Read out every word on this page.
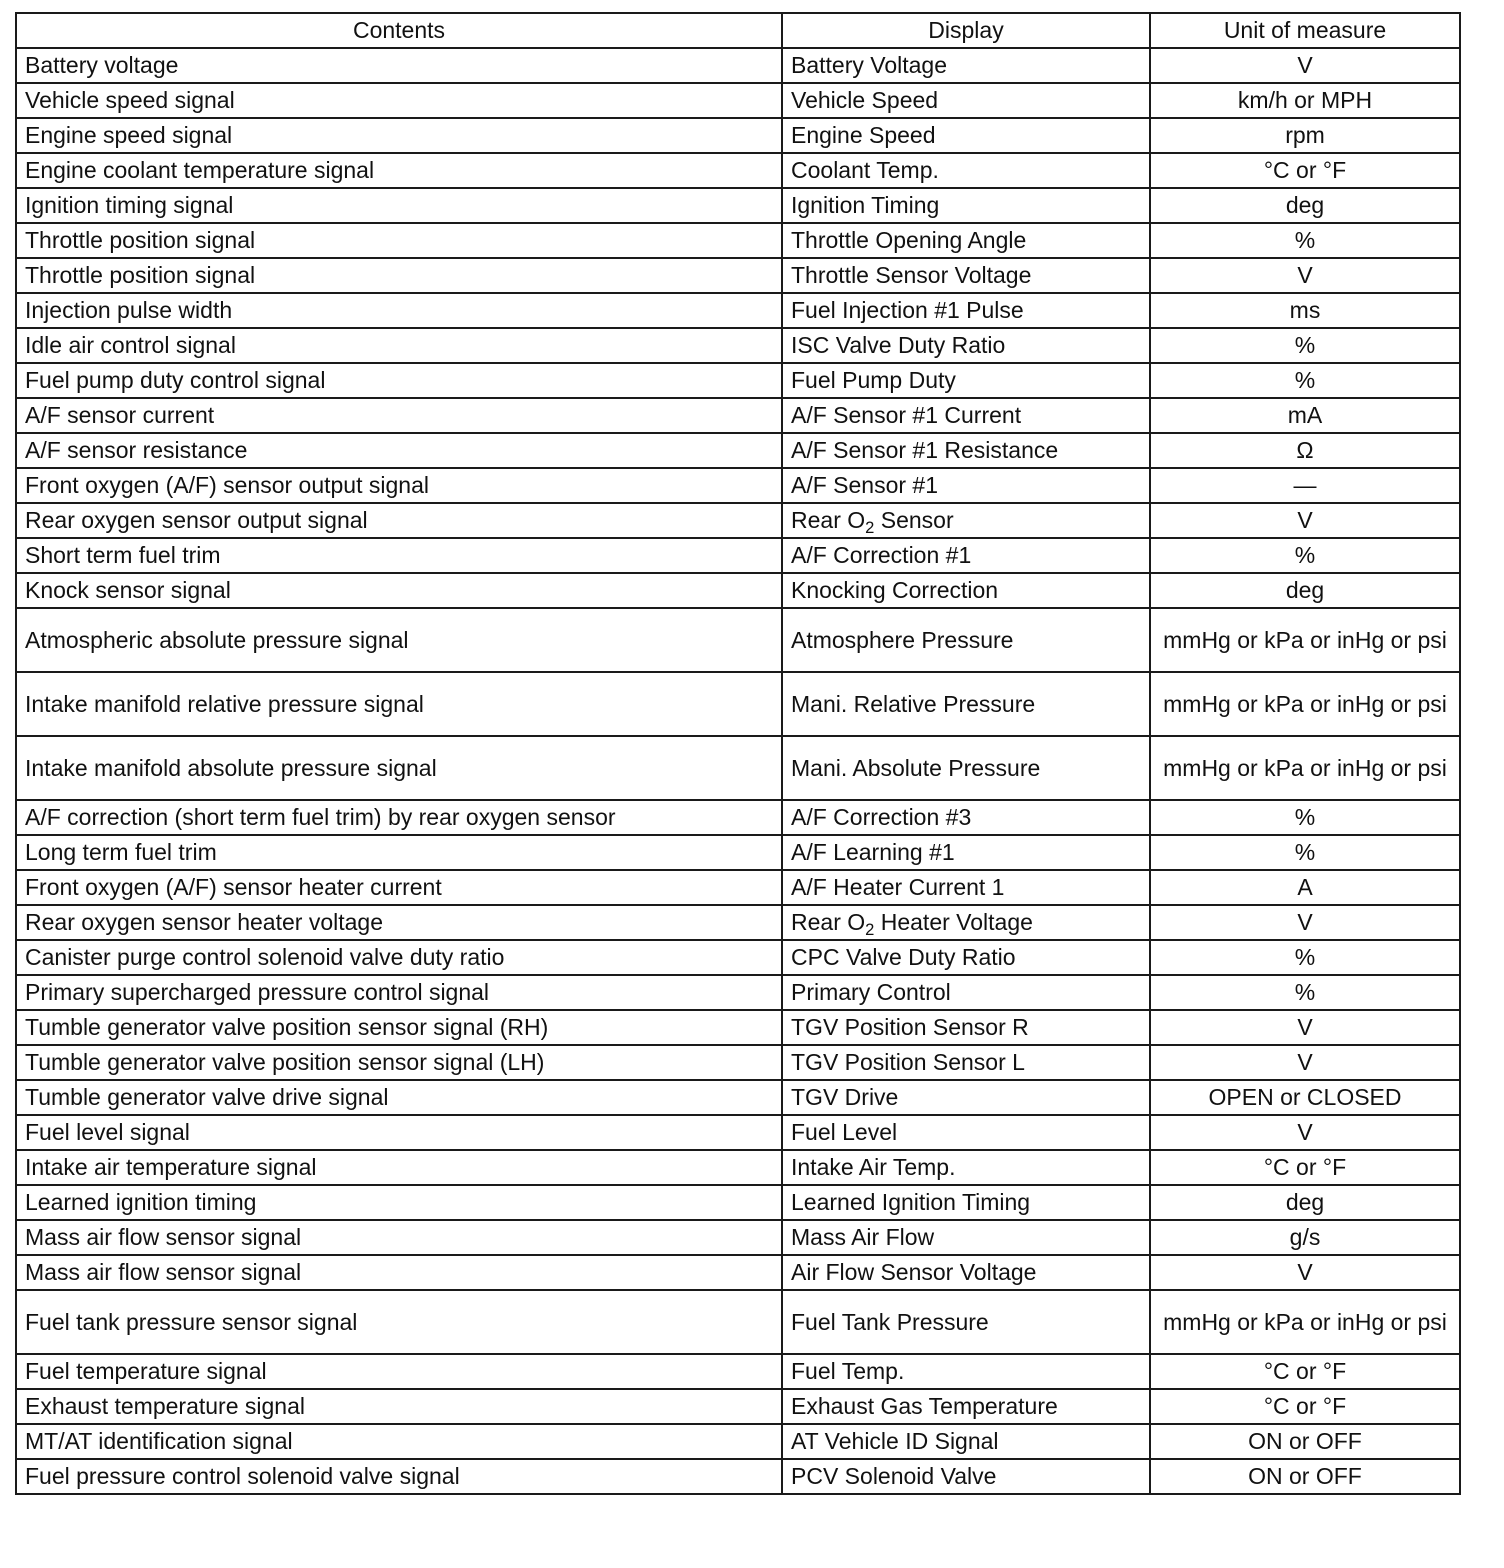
Contents	Display	Unit of measure
Battery voltage	Battery Voltage	V
Vehicle speed signal	Vehicle Speed	km/h or MPH
Engine speed signal	Engine Speed	rpm
Engine coolant temperature signal	Coolant Temp.	°C or °F
Ignition timing signal	Ignition Timing	deg
Throttle position signal	Throttle Opening Angle	%
Throttle position signal	Throttle Sensor Voltage	V
Injection pulse width	Fuel Injection #1 Pulse	ms
Idle air control signal	ISC Valve Duty Ratio	%
Fuel pump duty control signal	Fuel Pump Duty	%
A/F sensor current	A/F Sensor #1 Current	mA
A/F sensor resistance	A/F Sensor #1 Resistance	Ω
Front oxygen (A/F) sensor output signal	A/F Sensor #1	—
Rear oxygen sensor output signal	Rear $O_2$ Sensor	V
Short term fuel trim	A/F Correction #1	%
Knock sensor signal	Knocking Correction	deg
Atmospheric absolute pressure signal	Atmosphere Pressure	mmHg or kPa or inHg or psi
Intake manifold relative pressure signal	Mani. Relative Pressure	mmHg or kPa or inHg or psi
Intake manifold absolute pressure signal	Mani. Absolute Pressure	mmHg or kPa or inHg or psi
A/F correction (short term fuel trim) by rear oxygen sensor	A/F Correction #3	%
Long term fuel trim	A/F Learning #1	%
Front oxygen (A/F) sensor heater current	A/F Heater Current 1	A
Rear oxygen sensor heater voltage	Rear $O_2$ Heater Voltage	V
Canister purge control solenoid valve duty ratio	CPC Valve Duty Ratio	%
Primary supercharged pressure control signal	Primary Control	%
Tumble generator valve position sensor signal (RH)	TGV Position Sensor R	V
Tumble generator valve position sensor signal (LH)	TGV Position Sensor L	V
Tumble generator valve drive signal	TGV Drive	OPEN or CLOSED
Fuel level signal	Fuel Level	V
Intake air temperature signal	Intake Air Temp.	°C or °F
Learned ignition timing	Learned Ignition Timing	deg
Mass air flow sensor signal	Mass Air Flow	g/s
Mass air flow sensor signal	Air Flow Sensor Voltage	V
Fuel tank pressure sensor signal	Fuel Tank Pressure	mmHg or kPa or inHg or psi
Fuel temperature signal	Fuel Temp.	°C or °F
Exhaust temperature signal	Exhaust Gas Temperature	°C or °F
MT/AT identification signal	AT Vehicle ID Signal	ON or OFF
Fuel pressure control solenoid valve signal	PCV Solenoid Valve	ON or OFF
